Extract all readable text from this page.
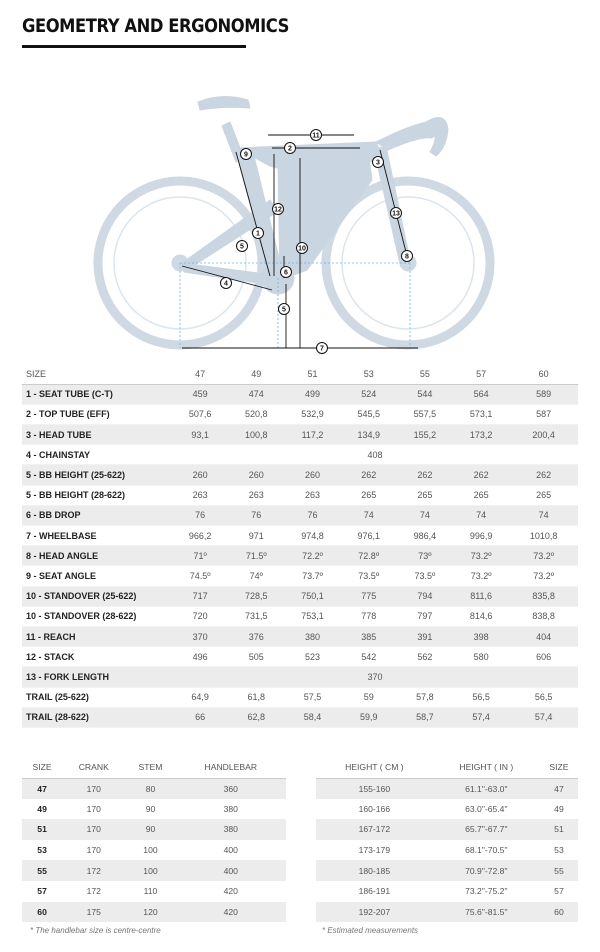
GEOMETRY AND ERGONOMICS
11
2
9
3
12
10
13
1
5
8
6
4
5
7
SIZE	47	49	51	53	55	57	60
1 - SEAT TUBE (C-T)	459	474	499	524	544	564	589
2 - TOP TUBE (EFF)	507,6	520,8	532,9	545,5	557,5	573,1	587
3 - HEAD TUBE	93,1	100,8	117,2	134,9	155,2	173,2	200,4
4 - CHAINSTAY	408						
5 - BB HEIGHT (25-622)	260	260	260	262	262	262	262
5 - BB HEIGHT (28-622)	263	263	263	265	265	265	265
6 - BB DROP	76	76	76	74	74	74	74
7 - WHEELBASE	966,2	971	974,8	976,1	986,4	996,9	1010,8
8 - HEAD ANGLE	71º	71.5º	72.2º	72.8º	73º	73.2º	73.2º
9 - SEAT ANGLE	74.5º	74º	73.7º	73.5º	73.5º	73.2º	73.2º
10 - STANDOVER (25-622)	717	728,5	750,1	775	794	811,6	835,8
10 - STANDOVER (28-622)	720	731,5	753,1	778	797	814,6	838,8
11 - REACH	370	376	380	385	391	398	404
12 - STACK	496	505	523	542	562	580	606
13 - FORK LENGTH	370						
TRAIL (25-622)	64,9	61,8	57,5	59	57,8	56,5	56,5
TRAIL (28-622)	66	62,8	58,4	59,9	58,7	57,4	57,4
SIZE	CRANK	STEM	HANDLEBAR
47	170	80	360
49	170	90	380
51	170	90	380
53	170	100	400
55	172	100	400
57	172	110	420
60	175	120	420
HEIGHT ( CM )	HEIGHT ( IN )	SIZE
155-160	61.1"-63.0"	47
160-166	63.0"-65.4"	49
167-172	65.7"-67.7"	51
173-179	68.1"-70.5"	53
180-185	70.9"-72.8"	55
186-191	73.2"-75.2"	57
192-207	75.6"-81.5"	60
* The handlebar size is centre-centre	* Estimated measurements
